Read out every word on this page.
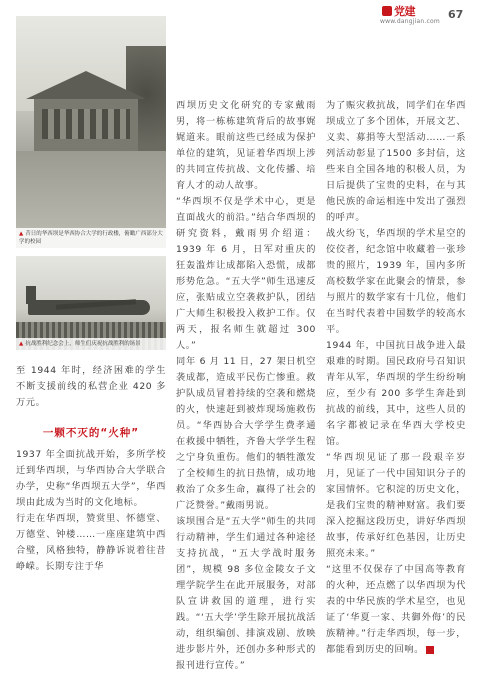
党建
www.dangjian.com
67
▲ 昔日的华西坝是华西协合大学的行政楼，俯瞰广西部分大学的校园
▲ 抗战胜利纪念会上，师生们庆祝抗战胜利的场景

至 1944 年时，经济困难的学生不断支援前线的私营企业 420 多万元。

一颗不灭的“火种”

1937 年全面抗战开始，多所学校迁到华西坝，与华西协合大学联合办学，史称“华西坝五大学”，华西坝由此成为当时的文化地标。

行走在华西坝，赞赏里、怀德堂、万德堂、钟楼……一座座建筑中西合璧，风格独特，静静诉说着往昔峥嵘。长期专注于华

西坝历史文化研究的专家戴雨男，将一栋栋建筑背后的故事娓娓道来。眼前这些已经成为保护单位的建筑，见证着华西坝上涉的共同宣传抗战、文化传播、培育人才的动人故事。

“华西坝不仅是学术中心，更是直面战火的前沿。”结合华西坝的研究资料，戴雨男介绍道：1939 年 6 月，日军对重庆的狂轰滥炸让成都陷入恐慌，成都形势危急。“五大学”师生迅速反应，张贴成立空袭救护队，团结广大师生积极投入救护工作。仅两天，报名师生就超过 300 人。”

同年 6 月 11 日，27 架日机空袭成都，造成平民伤亡惨重。救护队成员冒着持续的空袭和燃烧的火，快速赶到被炸现场施救伤员。“华西协合大学学生费孝通在救援中牺牲，齐鲁大学学生程之宁身负重伤。他们的牺牲激发了全校师生的抗日热情，成功地救治了众多生命，赢得了社会的广泛赞誉。”戴雨男说。

该坝围合是“五大学”师生的共同行动精神，学生们通过各种途径支持抗战，“五大学战时服务团”，规模 98 多位金陵女子文理学院学生在此开展服务，对部队宣讲救国的道理，进行实践。“‘五大学’学生除开展抗战活动，组织编创、排演戏剧、放映进步影片外，还创办多种形式的报刊进行宣传。”

为了赈灾救抗战，同学们在华西坝成立了多个团体，开展文艺、义卖、募捐等大型活动……一系列活动彰显了1500 多封信，这些来自全国各地的积极人员，为日后提供了宝贵的史料，在与其他民族的命运相连中发出了强烈的呼声。

战火纷飞，华西坝的学术星空的佼佼者，纪念馆中收藏着一张珍贵的照片，1939 年，国内多所高校数学家在此聚会的情景，参与照片的数学家有十几位，他们在当时代表着中国数学的较高水平。

1944 年，中国抗日战争进入最艰难的时期。国民政府号召知识青年从军，华西坝的学生纷纷响应，至少有 200 多学生奔赴到抗战的前线，其中，这些人员的名字都被记录在华西大学校史馆。

“华西坝见证了那一段艰辛岁月，见证了一代中国知识分子的家国情怀。它积淀的历史文化，是我们宝贵的精神财富。我们要深入挖掘这段历史，讲好华西坝故事，传承好红色基因，让历史照亮未来。”

“这里不仅保存了中国高等教育的火种，还点燃了以华西坝为代表的中华民族的学术星空，也见证了‘华夏一家、共御外侮’的民族精神。”行走华西坝，每一步，都能看到历史的回响。
